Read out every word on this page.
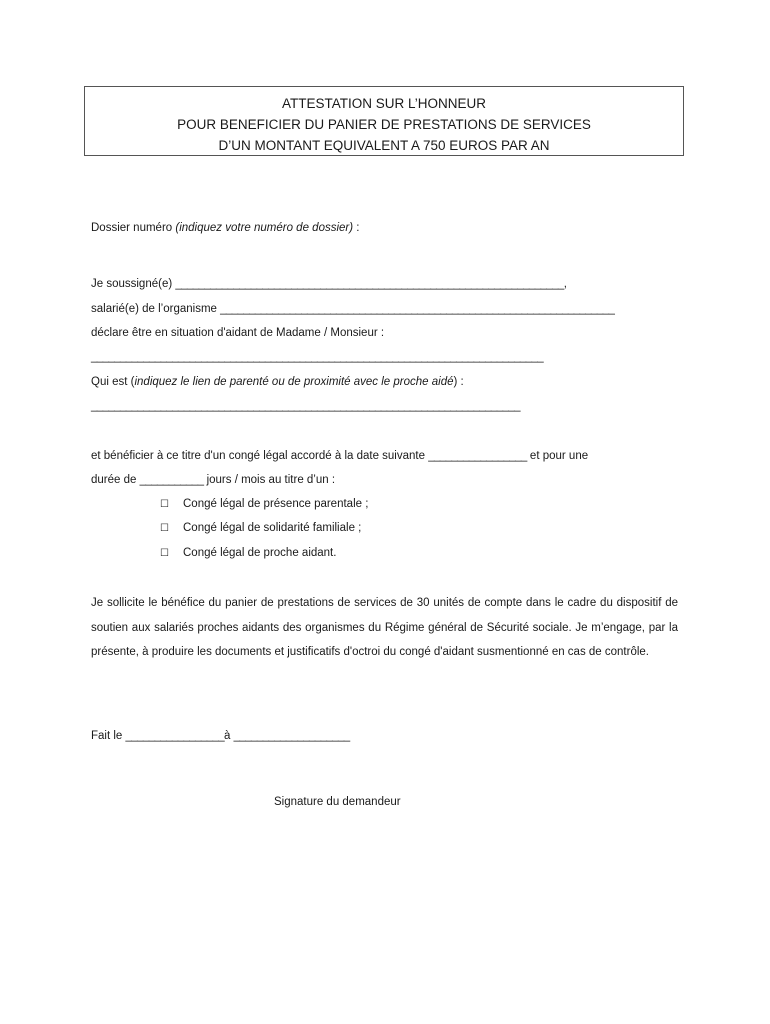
ATTESTATION SUR L’HONNEUR
POUR BENEFICIER DU PANIER DE PRESTATIONS DE SERVICES
D’UN MONTANT EQUIVALENT A 750 EUROS PAR AN
Dossier numéro (indiquez votre numéro de dossier) :
Je soussigné(e) ___________________________________________________________________,
salarié(e) de l’organisme ____________________________________________________________________
déclare être en situation d'aidant de Madame / Monsieur :
______________________________________________________________________________
Qui est (indiquez le lien de parenté ou de proximité avec le proche aidé) :
__________________________________________________________________________
et bénéficier à ce titre d'un congé légal accordé à la date suivante _________________ et pour une
durée de ___________ jours / mois au titre d’un :
☐ Congé légal de présence parentale ;
☐ Congé légal de solidarité familiale ;
☐ Congé légal de proche aidant.
Je sollicite le bénéfice du panier de prestations de services de 30 unités de compte dans le cadre du dispositif de soutien aux salariés proches aidants des organismes du Régime général de Sécurité sociale. Je m’engage, par la présente, à produire les documents et justificatifs d'octroi du congé d'aidant susmentionné en cas de contrôle.
Fait le _________________à ____________________
Signature du demandeur
